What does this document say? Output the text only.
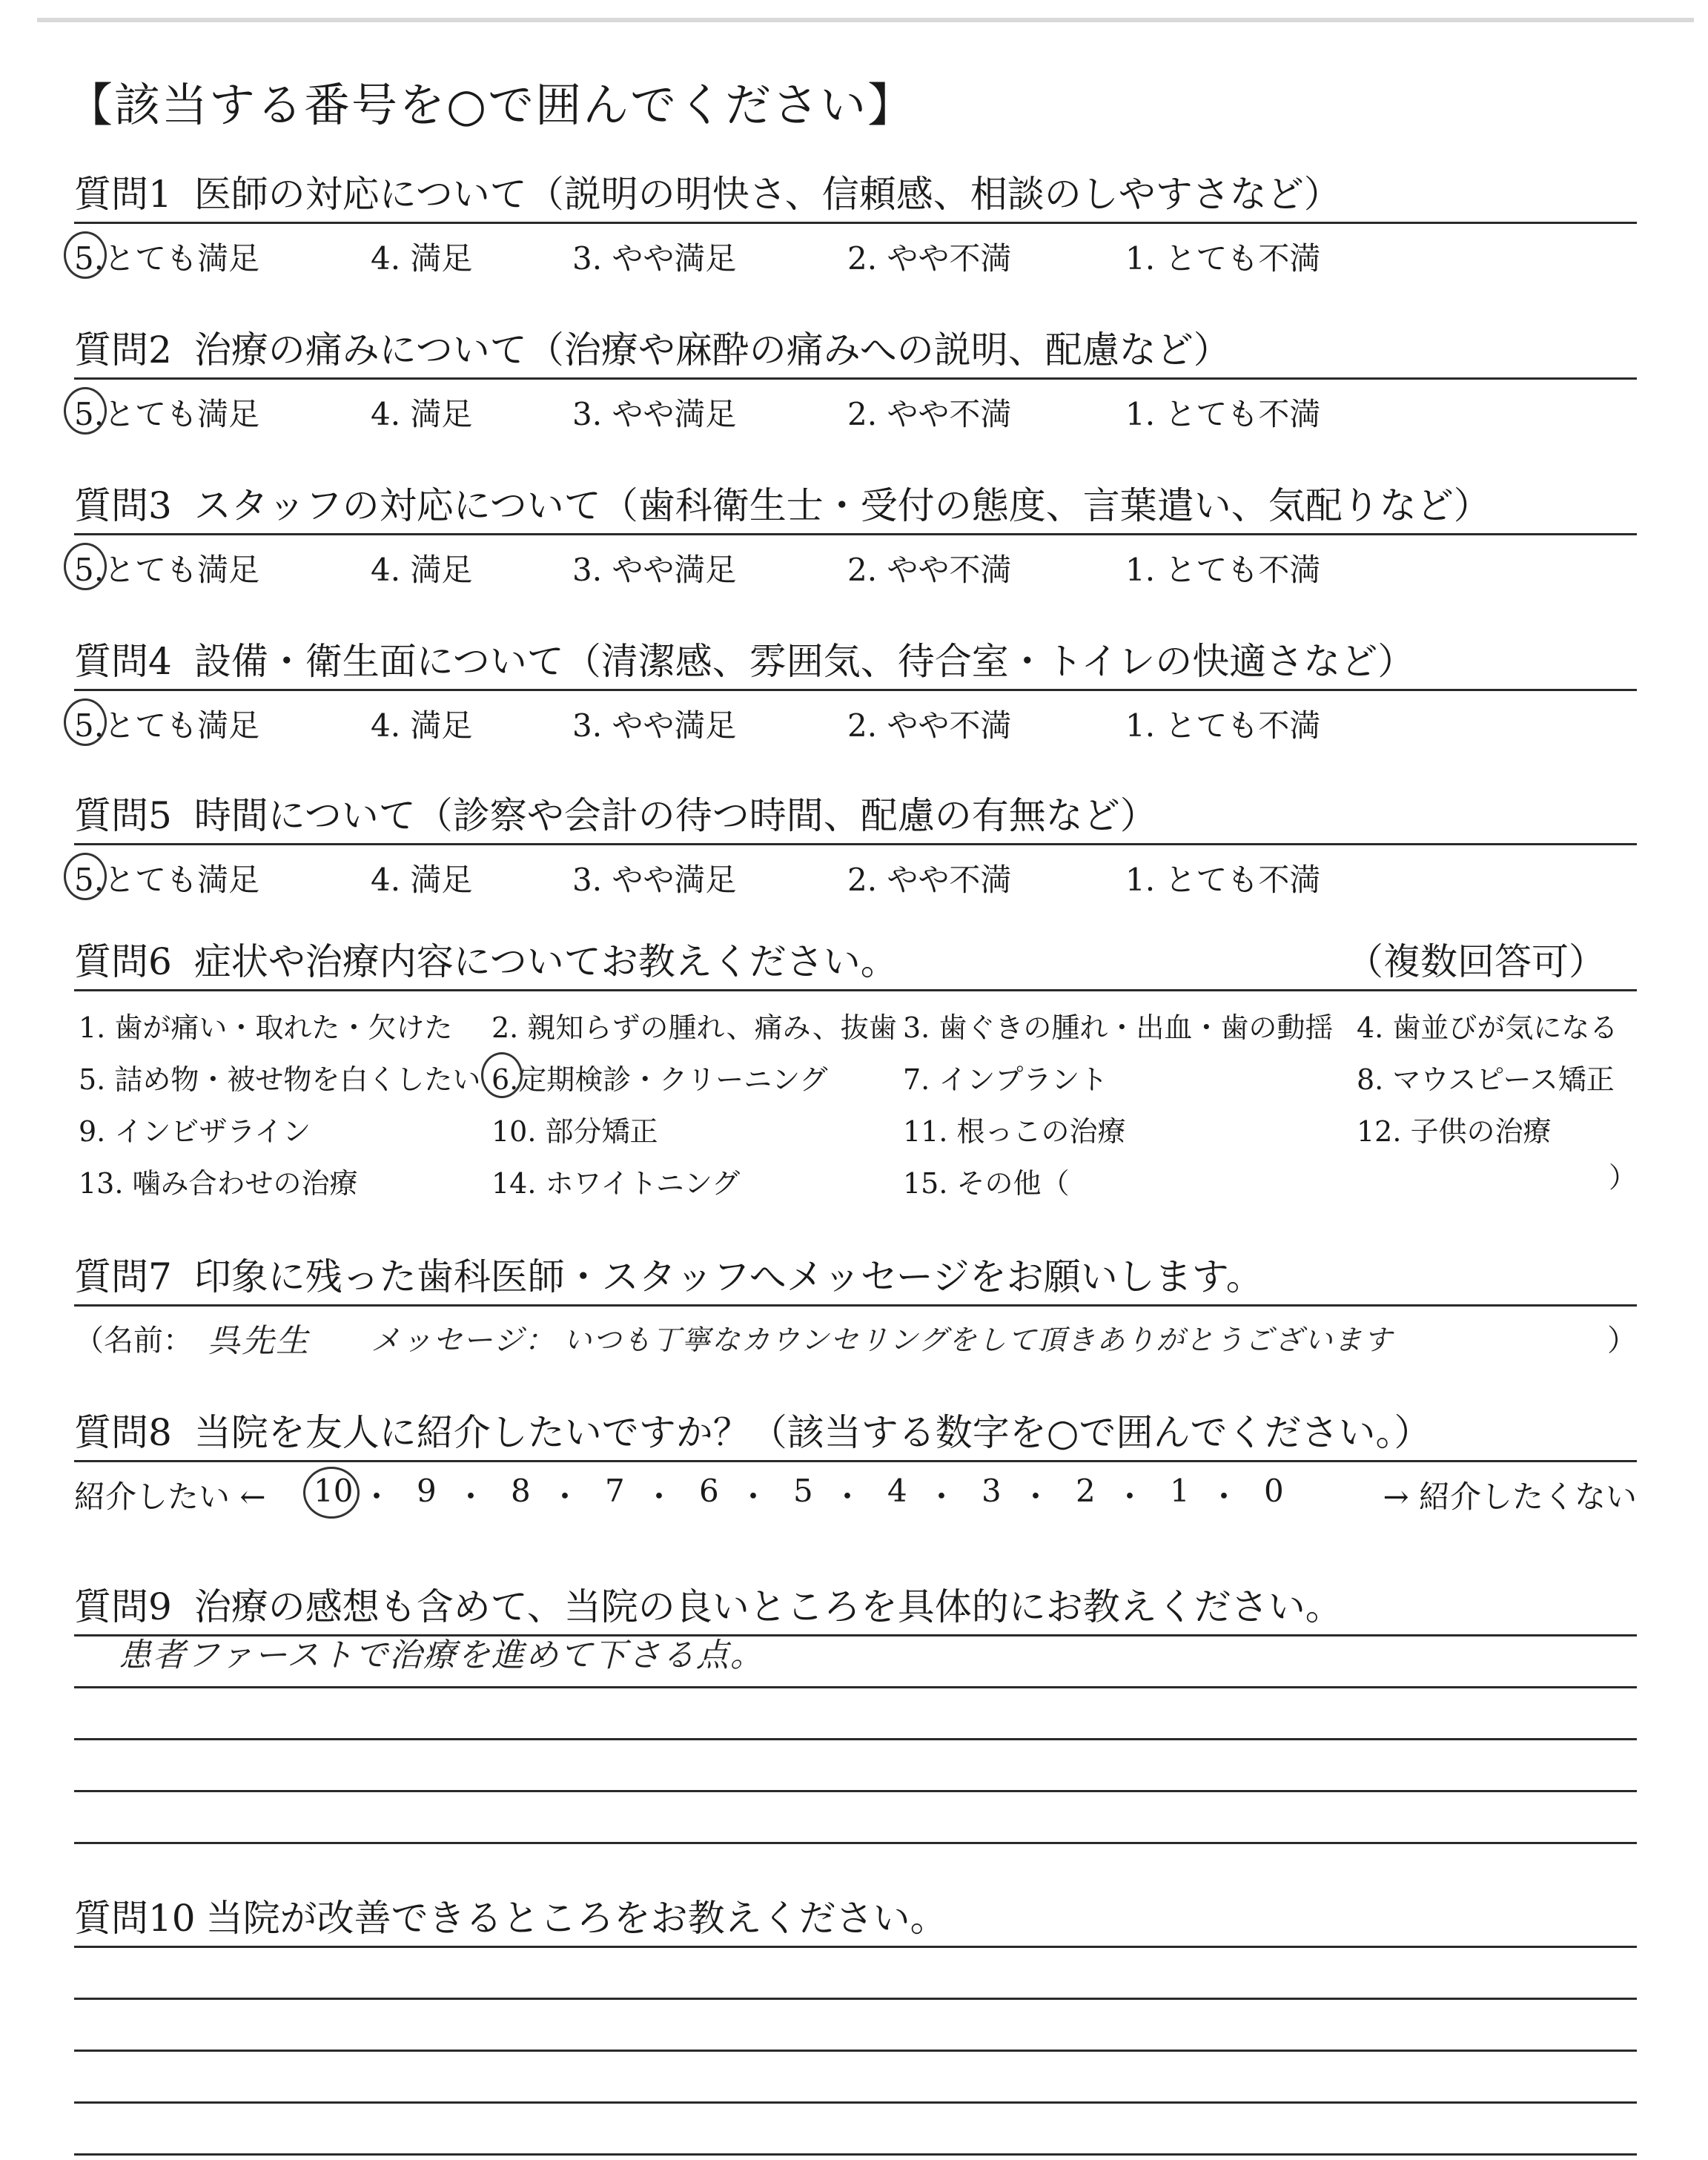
【該当する番号を○で囲んでください】
質問1 医師の対応について（説明の明快さ、信頼感、相談のしやすさなど）
5.とても満足	4. 満足	3. やや満足	2. やや不満	1. とても不満
質問2 治療の痛みについて（治療や麻酔の痛みへの説明、配慮など）
5.とても満足	4. 満足	3. やや満足	2. やや不満	1. とても不満
質問3 スタッフの対応について（歯科衛生士・受付の態度、言葉遣い、気配りなど）
5.とても満足	4. 満足	3. やや満足	2. やや不満	1. とても不満
質問4 設備・衛生面について（清潔感、雰囲気、待合室・トイレの快適さなど）
5.とても満足	4. 満足	3. やや満足	2. やや不満	1. とても不満
質問5 時間について（診察や会計の待つ時間、配慮の有無など）
5.とても満足	4. 満足	3. やや満足	2. やや不満	1. とても不満
質問6 症状や治療内容についてお教えください。	（複数回答可）
）
1. 歯が痛い・取れた・欠けた 2. 親知らずの腫れ、痛み、抜歯 3. 歯ぐきの腫れ・出血・歯の動揺 4. 歯並びが気になる
5. 詰め物・被せ物を白くしたい 6.定期検診・クリーニング	7. インプラント	8. マウスピース矯正
9. インビザライン	10. 部分矯正	11. 根っこの治療	12. 子供の治療
13. 噛み合わせの治療	14. ホワイトニング	15. その他（
質問7 印象に残った歯科医師・スタッフへメッセージをお願いします。
（名前： 呉先生 メッセージ： いつも丁寧なカウンセリングをして頂きありがとうございます	）
質問8 当院を友人に紹介したいですか？（該当する数字を○で囲んでください。）
紹介したい ←	→ 紹介したくない
10 ・ 9 ・ 8 ・ 7 ・ 6 ・ 5 ・ 4 ・ 3 ・ 2 ・ 1 ・ 0
質問9 治療の感想も含めて、当院の良いところを具体的にお教えください。
患者ファーストで治療を進めて下さる点。
質問10 当院が改善できるところをお教えください。
